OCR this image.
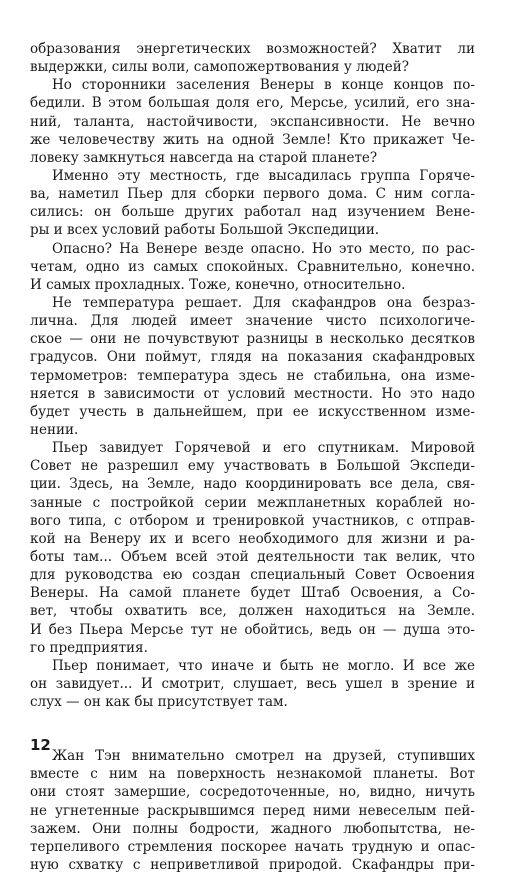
образования энергетических возможностей? Хватит ли
выдержки, силы воли, самопожертвования у людей?
Но сторонники заселения Венеры в конце концов по-
бедили. В этом большая доля его, Мерсье, усилий, его зна-
ний, таланта, настойчивости, экспансивности. Не вечно
же человечеству жить на одной Земле! Кто прикажет Че-
ловеку замкнуться навсегда на старой планете?
Именно эту местность, где высадилась группа Горяче-
ва, наметил Пьер для сборки первого дома. С ним согла-
сились: он больше других работал над изучением Вене-
ры и всех условий работы Большой Экспедиции.
Опасно? На Венере везде опасно. Но это место, по рас-
четам, одно из самых спокойных. Сравнительно, конечно.
И самых прохладных. Тоже, конечно, относительно.
Не температура решает. Для скафандров она безраз-
лична. Для людей имеет значение чисто психологиче-
ское — они не почувствуют разницы в несколько десятков
градусов. Они поймут, глядя на показания скафандровых
термометров: температура здесь не стабильна, она изме-
няется в зависимости от условий местности. Но это надо
будет учесть в дальнейшем, при ее искусственном изме-
нении.
Пьер завидует Горячевой и его спутникам. Мировой
Совет не разрешил ему участвовать в Большой Экспеди-
ции. Здесь, на Земле, надо координировать все дела, свя-
занные с постройкой серии межпланетных кораблей но-
вого типа, с отбором и тренировкой участников, с отправ-
кой на Венеру их и всего необходимого для жизни и ра-
боты там... Объем всей этой деятельности так велик, что
для руководства ею создан специальный Совет Освоения
Венеры. На самой планете будет Штаб Освоения, а Со-
вет, чтобы охватить все, должен находиться на Земле.
И без Пьера Мерсье тут не обойтись, ведь он — душа это-
го предприятия.
Пьер понимает, что иначе и быть не могло. И все же
он завидует... И смотрит, слушает, весь ушел в зрение и
слух — он как бы присутствует там.
Жан Тэн внимательно смотрел на друзей, ступивших
вместе с ним на поверхность незнакомой планеты. Вот
они стоят замершие, сосредоточенные, но, видно, ничуть
не угнетенные раскрывшимся перед ними невеселым пей-
зажем. Они полны бодрости, жадного любопытства, не-
терпеливого стремления поскорее начать трудную и опас-
ную схватку с неприветливой природой. Скафандры при-
12
